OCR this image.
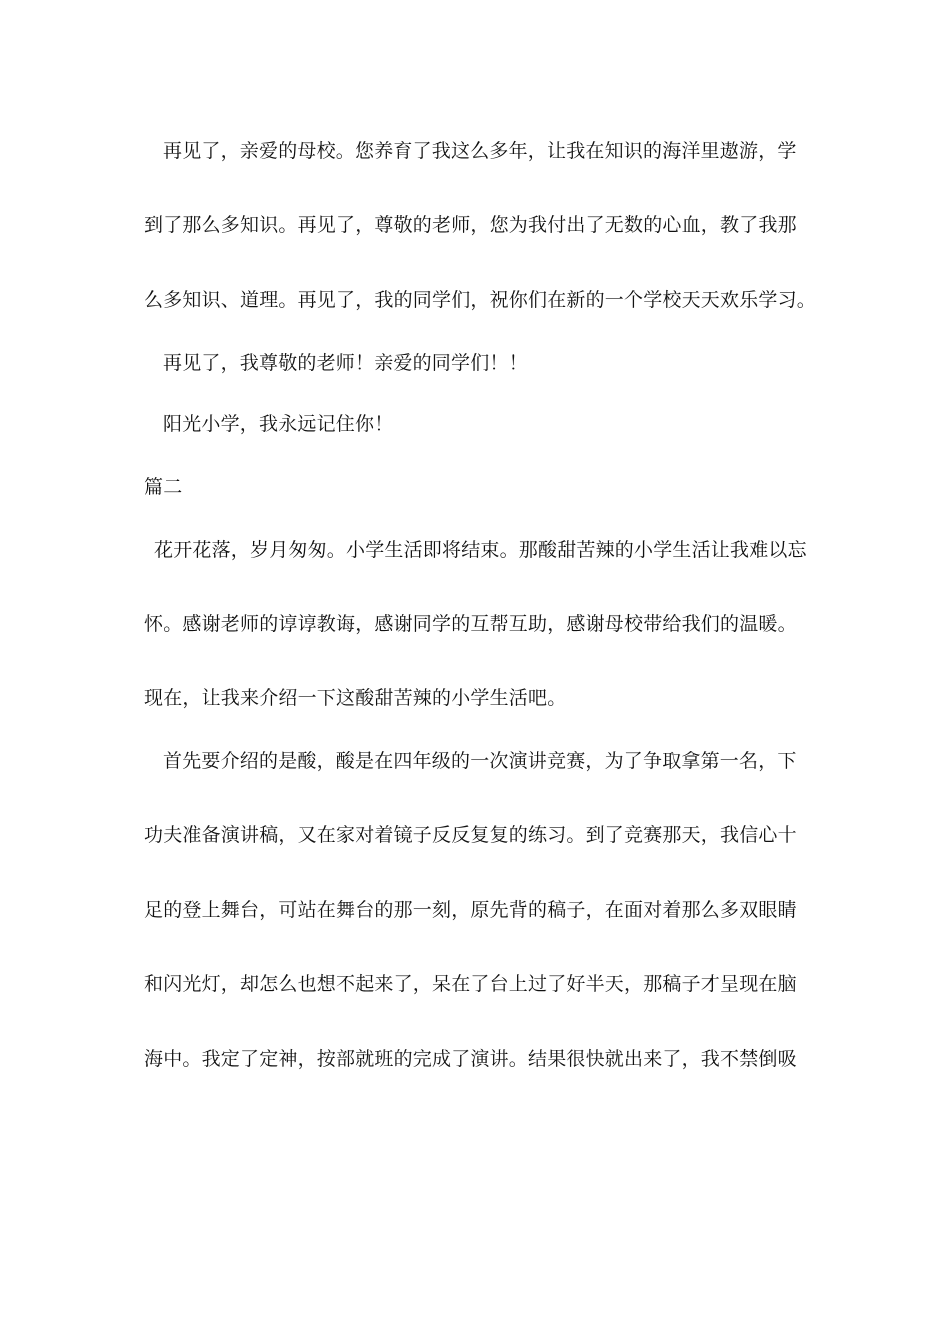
再见了，亲爱的母校。您养育了我这么多年，让我在知识的海洋里遨游，学

到了那么多知识。再见了，尊敬的老师，您为我付出了无数的心血，教了我那

么多知识、道理。再见了，我的同学们，祝你们在新的一个学校天天欢乐学习。

再见了，我尊敬的老师！亲爱的同学们！！

阳光小学，我永远记住你！

篇二

花开花落，岁月匆匆。小学生活即将结束。那酸甜苦辣的小学生活让我难以忘

怀。感谢老师的谆谆教诲，感谢同学的互帮互助，感谢母校带给我们的温暖。

现在，让我来介绍一下这酸甜苦辣的小学生活吧。

首先要介绍的是酸，酸是在四年级的一次演讲竞赛，为了争取拿第一名，下

功夫准备演讲稿，又在家对着镜子反反复复的练习。到了竞赛那天，我信心十

足的登上舞台，可站在舞台的那一刻，原先背的稿子，在面对着那么多双眼睛

和闪光灯，却怎么也想不起来了，呆在了台上过了好半天，那稿子才呈现在脑

海中。我定了定神，按部就班的完成了演讲。结果很快就出来了，我不禁倒吸
